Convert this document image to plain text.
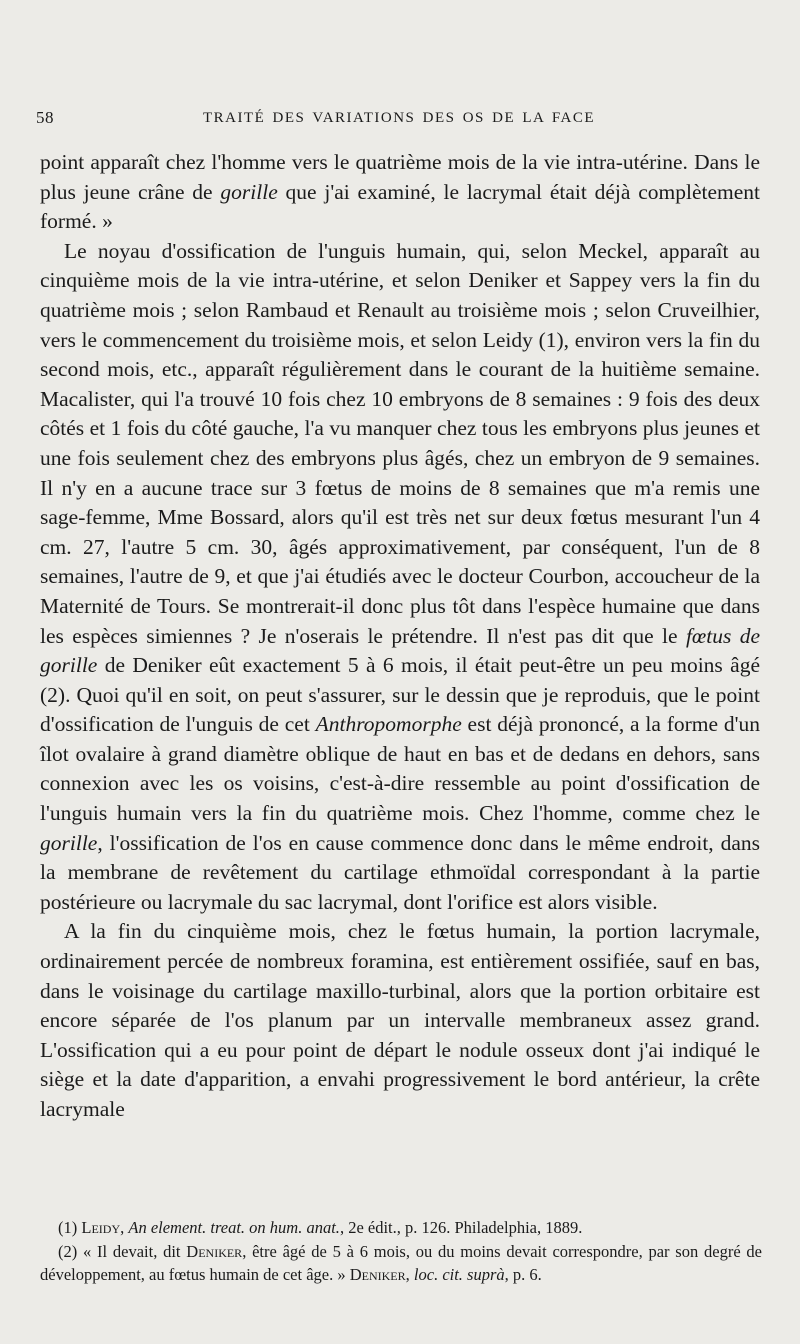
58	TRAITÉ DES VARIATIONS DES OS DE LA FACE

point apparaît chez l'homme vers le quatrième mois de la vie intra-utérine. Dans le plus jeune crâne de gorille que j'ai examiné, le lacrymal était déjà complètement formé. »

Le noyau d'ossification de l'unguis humain, qui, selon Meckel, apparaît au cinquième mois de la vie intra-utérine, et selon Deniker et Sappey vers la fin du quatrième mois ; selon Rambaud et Renault au troisième mois ; selon Cruveilhier, vers le commencement du troisième mois, et selon Leidy (1), environ vers la fin du second mois, etc., apparaît régulièrement dans le courant de la huitième semaine. Macalister, qui l'a trouvé 10 fois chez 10 embryons de 8 semaines : 9 fois des deux côtés et 1 fois du côté gauche, l'a vu manquer chez tous les embryons plus jeunes et une fois seulement chez des embryons plus âgés, chez un embryon de 9 semaines. Il n'y en a aucune trace sur 3 fœtus de moins de 8 semaines que m'a remis une sage-femme, Mme Bossard, alors qu'il est très net sur deux fœtus mesurant l'un 4 cm. 27, l'autre 5 cm. 30, âgés approximativement, par conséquent, l'un de 8 semaines, l'autre de 9, et que j'ai étudiés avec le docteur Courbon, accoucheur de la Maternité de Tours. Se montrerait-il donc plus tôt dans l'espèce humaine que dans les espèces simiennes ? Je n'oserais le prétendre. Il n'est pas dit que le fœtus de gorille de Deniker eût exactement 5 à 6 mois, il était peut-être un peu moins âgé (2). Quoi qu'il en soit, on peut s'assurer, sur le dessin que je reproduis, que le point d'ossification de l'unguis de cet Anthropomorphe est déjà prononcé, a la forme d'un îlot ovalaire à grand diamètre oblique de haut en bas et de dedans en dehors, sans connexion avec les os voisins, c'est-à-dire ressemble au point d'ossification de l'unguis humain vers la fin du quatrième mois. Chez l'homme, comme chez le gorille, l'ossification de l'os en cause commence donc dans le même endroit, dans la membrane de revêtement du cartilage ethmoïdal correspondant à la partie postérieure ou lacrymale du sac lacrymal, dont l'orifice est alors visible.

A la fin du cinquième mois, chez le fœtus humain, la portion lacrymale, ordinairement percée de nombreux foramina, est entièrement ossifiée, sauf en bas, dans le voisinage du cartilage maxillo-turbinal, alors que la portion orbitaire est encore séparée de l'os planum par un intervalle membraneux assez grand. L'ossification qui a eu pour point de départ le nodule osseux dont j'ai indiqué le siège et la date d'apparition, a envahi progressivement le bord antérieur, la crête lacrymale

(1) Leidy, An element. treat. on hum. anat., 2e édit., p. 126. Philadelphia, 1889.

(2) « Il devait, dit Deniker, être âgé de 5 à 6 mois, ou du moins devait correspondre, par son degré de développement, au fœtus humain de cet âge. » Deniker, loc. cit. suprà, p. 6.
